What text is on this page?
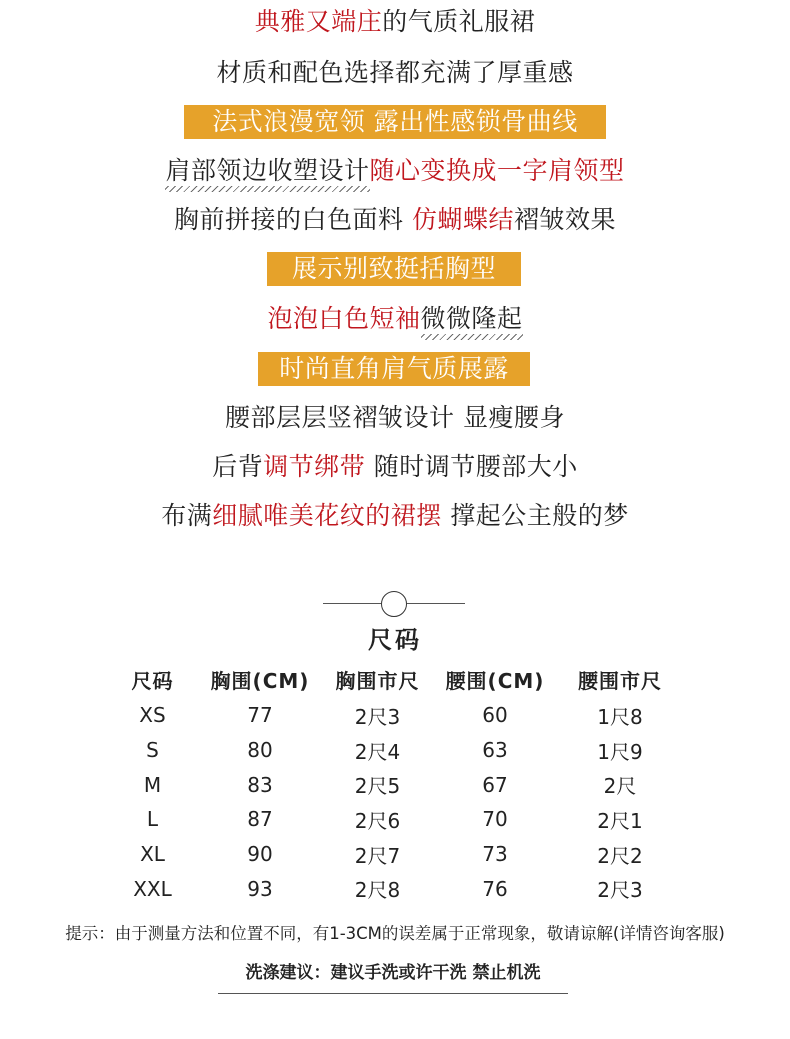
典雅又端庄的气质礼服裙
材质和配色选择都充满了厚重感
法式浪漫宽领 露出性感锁骨曲线
肩部领边收塑设计随心变换成一字肩领型
胸前拼接的白色面料 仿蝴蝶结褶皱效果
展示别致挺括胸型
泡泡白色短袖微微隆起
时尚直角肩气质展露
腰部层层竖褶皱设计 显瘦腰身
后背调节绑带 随时调节腰部大小
布满细腻唯美花纹的裙摆 撑起公主般的梦
尺码
尺码	胸围(CM)	胸围市尺	腰围(CM)	腰围市尺
XS	77	2尺3	60	1尺8
S	80	2尺4	63	1尺9
M	83	2尺5	67	2尺
L	87	2尺6	70	2尺1
XL	90	2尺7	73	2尺2
XXL	93	2尺8	76	2尺3
提示：由于测量方法和位置不同，有1-3CM的误差属于正常现象，敬请谅解(详情咨询客服)
洗涤建议：建议手洗或许干洗 禁止机洗
